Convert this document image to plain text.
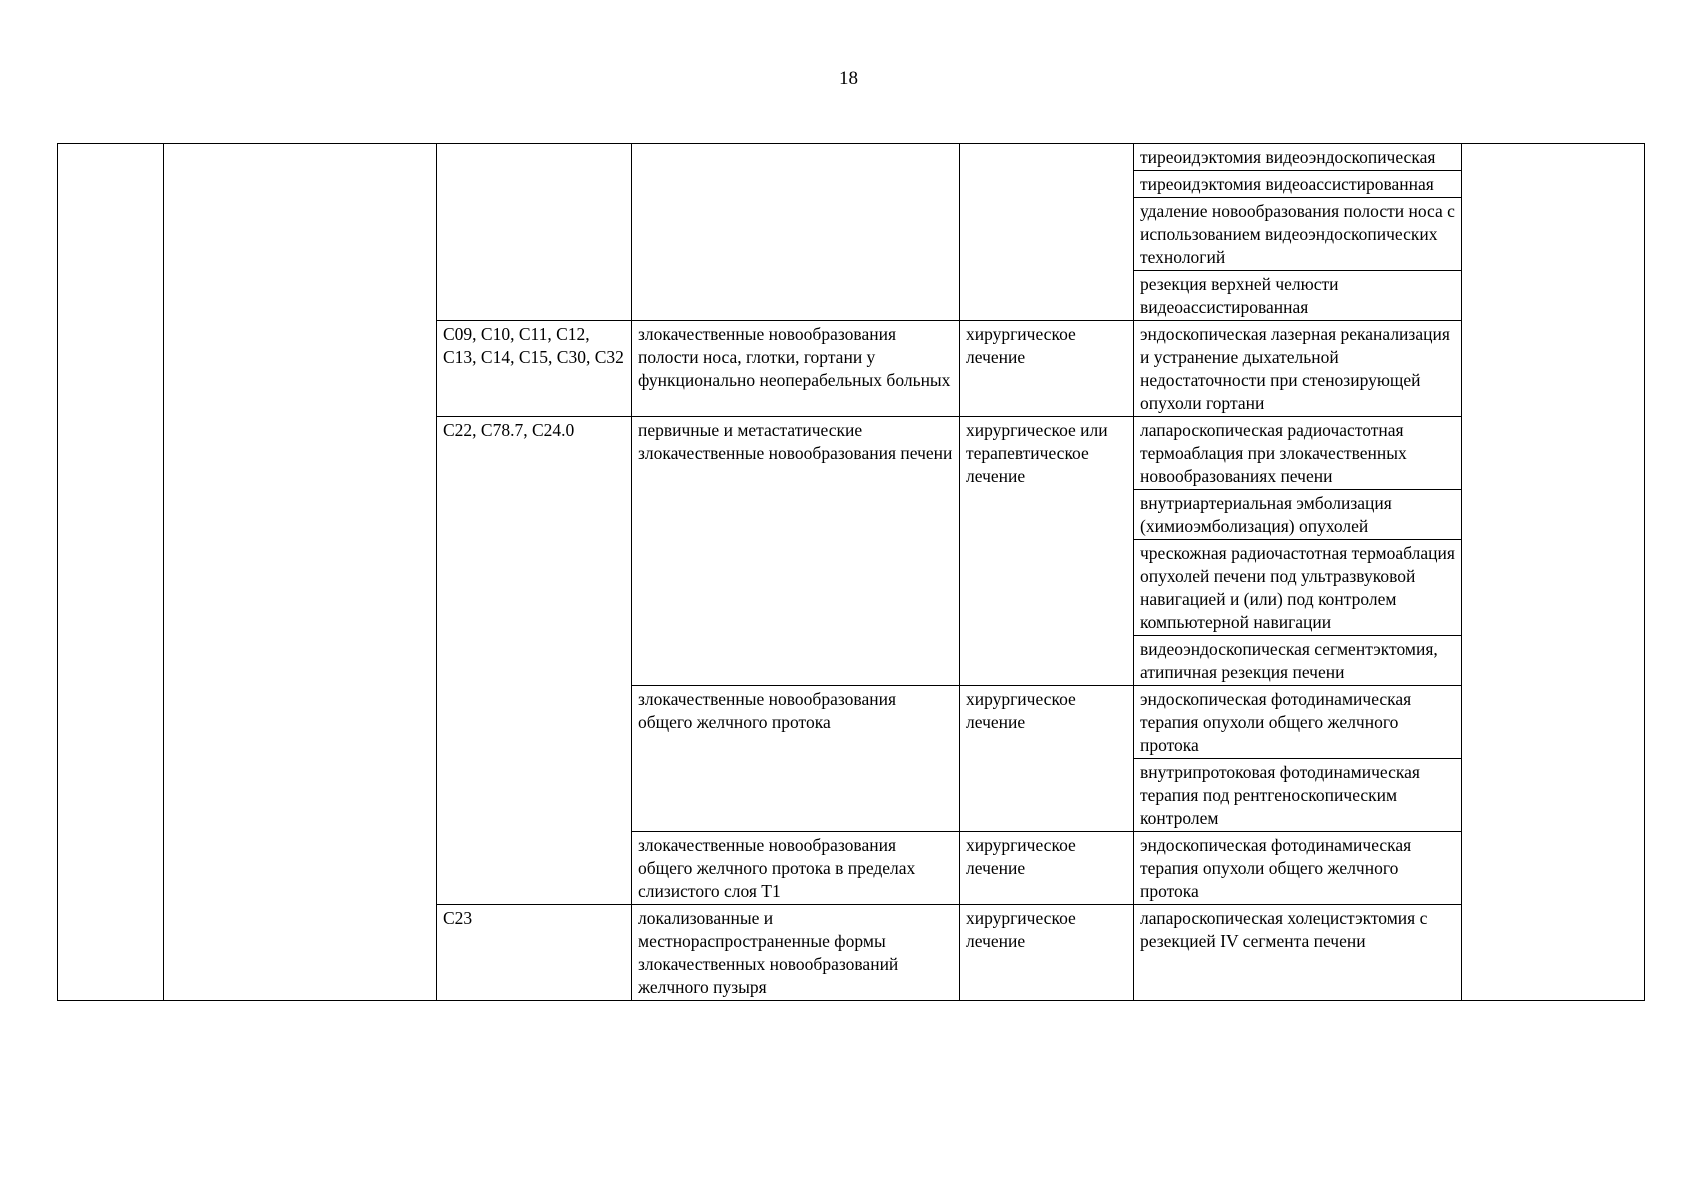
18
					тиреоидэктомия видеоэндоскопическая	
					тиреоидэктомия видеоассистированная	
					удаление новообразования полости носа с использованием видеоэндоскопических технологий	
					резекция верхней челюсти видеоассистированная	
		C09, C10, C11, C12, C13, C14, C15, C30, C32	злокачественные новообразования полости носа, глотки, гортани у функционально неоперабельных больных	хирургическое лечение	эндоскопическая лазерная реканализация и устранение дыхательной недостаточности при стенозирующей опухоли гортани	
		C22, C78.7, C24.0	первичные и метастатические злокачественные новообразования печени	хирургическое или терапевтическое лечение	лапароскопическая радиочастотная термоаблация при злокачественных новообразованиях печени	
					внутриартериальная эмболизация (химиоэмболизация) опухолей	
					чрескожная радиочастотная термоаблация опухолей печени под ультразвуковой навигацией и (или) под контролем компьютерной навигации	
					видеоэндоскопическая сегментэктомия, атипичная резекция печени	
			злокачественные новообразования общего желчного протока	хирургическое лечение	эндоскопическая фотодинамическая терапия опухоли общего желчного протока	
					внутрипротоковая фотодинамическая терапия под рентгеноскопическим контролем	
			злокачественные новообразования общего желчного протока в пределах слизистого слоя T1	хирургическое лечение	эндоскопическая фотодинамическая терапия опухоли общего желчного протока	
		C23	локализованные и местнораспространенные формы злокачественных новообразований желчного пузыря	хирургическое лечение	лапароскопическая холецистэктомия с резекцией IV сегмента печени	
